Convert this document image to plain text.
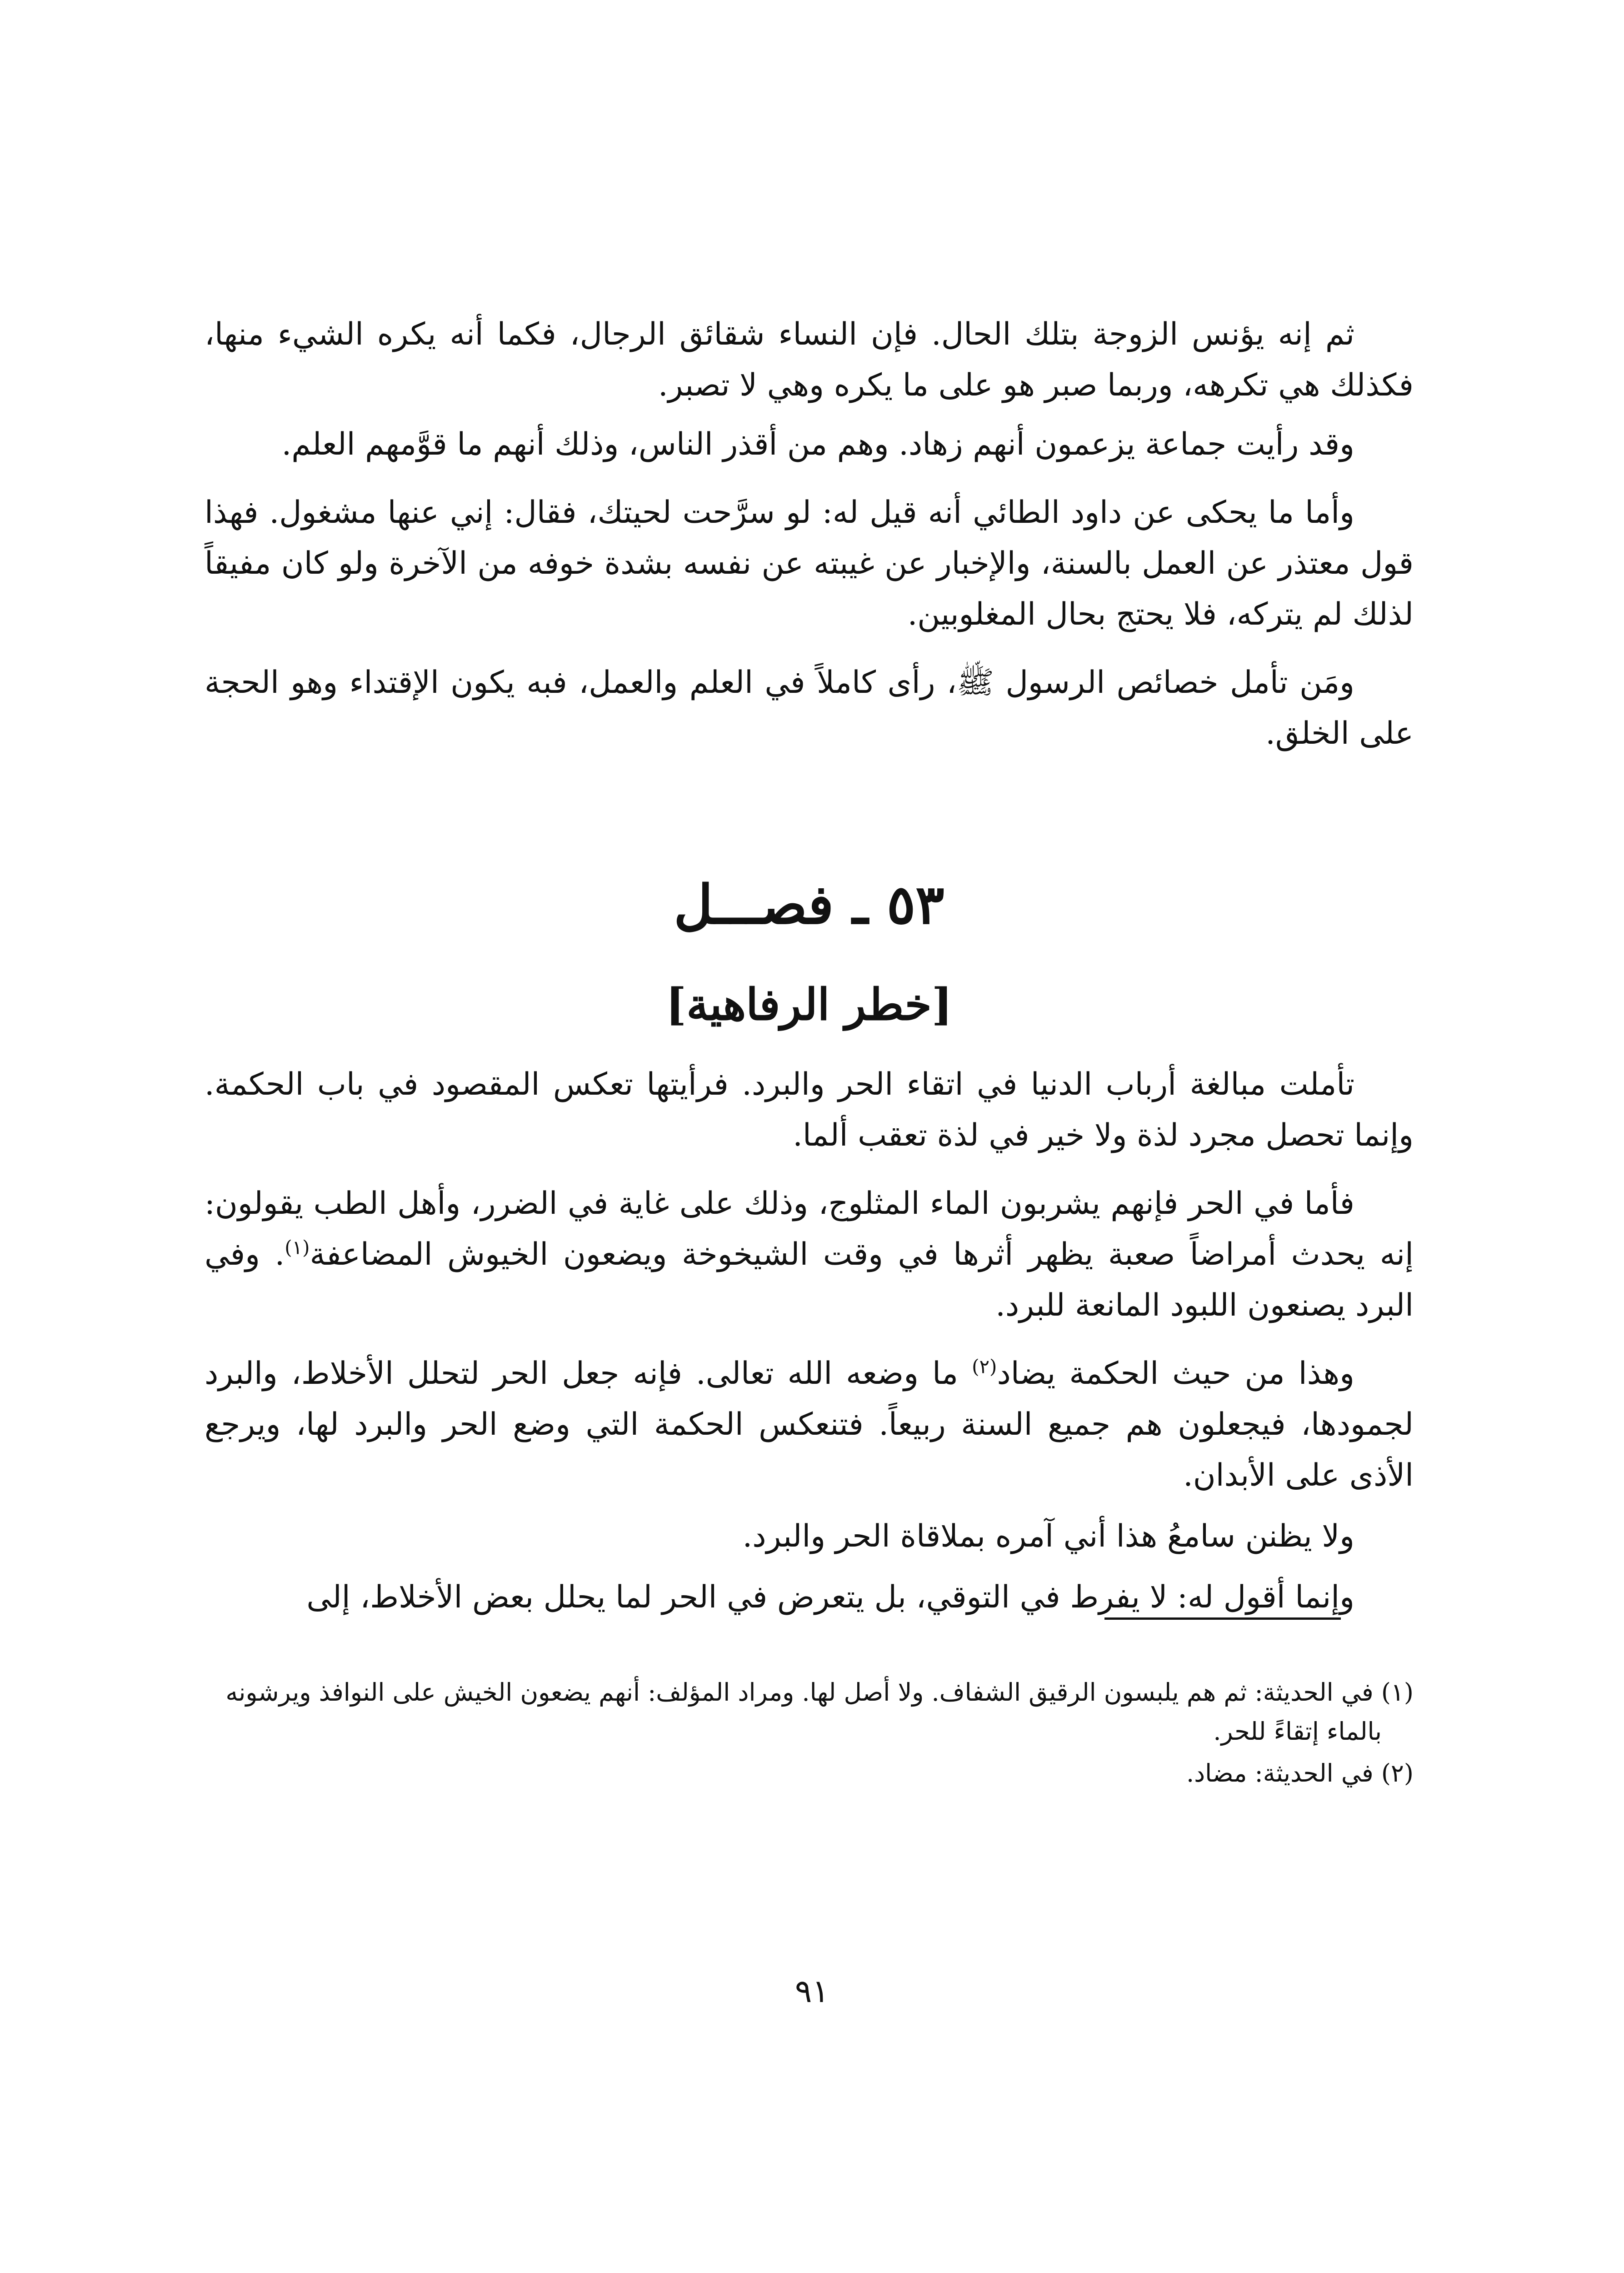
ثم إنه يؤنس الزوجة بتلك الحال. فإن النساء شقائق الرجال، فكما أنه يكره الشيء منها، فكذلك هي تكرهه، وربما صبر هو على ما يكره وهي لا تصبر.

وقد رأيت جماعة يزعمون أنهم زهاد. وهم من أقذر الناس، وذلك أنهم ما قوَّمهم العلم.

وأما ما يحكى عن داود الطائي أنه قيل له: لو سرَّحت لحيتك، فقال: إني عنها مشغول. فهذا قول معتذر عن العمل بالسنة، والإخبار عن غيبته عن نفسه بشدة خوفه من الآخرة ولو كان مفيقاً لذلك لم يتركه، فلا يحتج بحال المغلوبين.

ومَن تأمل خصائص الرسول ﷺ، رأى كاملاً في العلم والعمل، فبه يكون الإقتداء وهو الحجة على الخلق.

٥٣ ـ فصـــل
[خطر الرفاهية]

تأملت مبالغة أرباب الدنيا في اتقاء الحر والبرد. فرأيتها تعكس المقصود في باب الحكمة. وإنما تحصل مجرد لذة ولا خير في لذة تعقب ألما.

فأما في الحر فإنهم يشربون الماء المثلوج، وذلك على غاية في الضرر، وأهل الطب يقولون: إنه يحدث أمراضاً صعبة يظهر أثرها في وقت الشيخوخة ويضعون الخيوش المضاعفة$^{(١)}$. وفي البرد يصنعون اللبود المانعة للبرد.

وهذا من حيث الحكمة يضاد$^{(٢)}$ ما وضعه الله تعالى. فإنه جعل الحر لتحلل الأخلاط، والبرد لجمودها، فيجعلون هم جميع السنة ربيعاً. فتنعكس الحكمة التي وضع الحر والبرد لها، ويرجع الأذى على الأبدان.

ولا يظنن سامعُ هذا أني آمره بملاقاة الحر والبرد.

وإنما أقول له: لا يفرط في التوقي، بل يتعرض في الحر لما يحلل بعض الأخلاط، إلى

(١) في الحديثة: ثم هم يلبسون الرقيق الشفاف. ولا أصل لها. ومراد المؤلف: أنهم يضعون الخيش على النوافذ ويرشونه بالماء إتقاءً للحر.

(٢) في الحديثة: مضاد.

٩١
